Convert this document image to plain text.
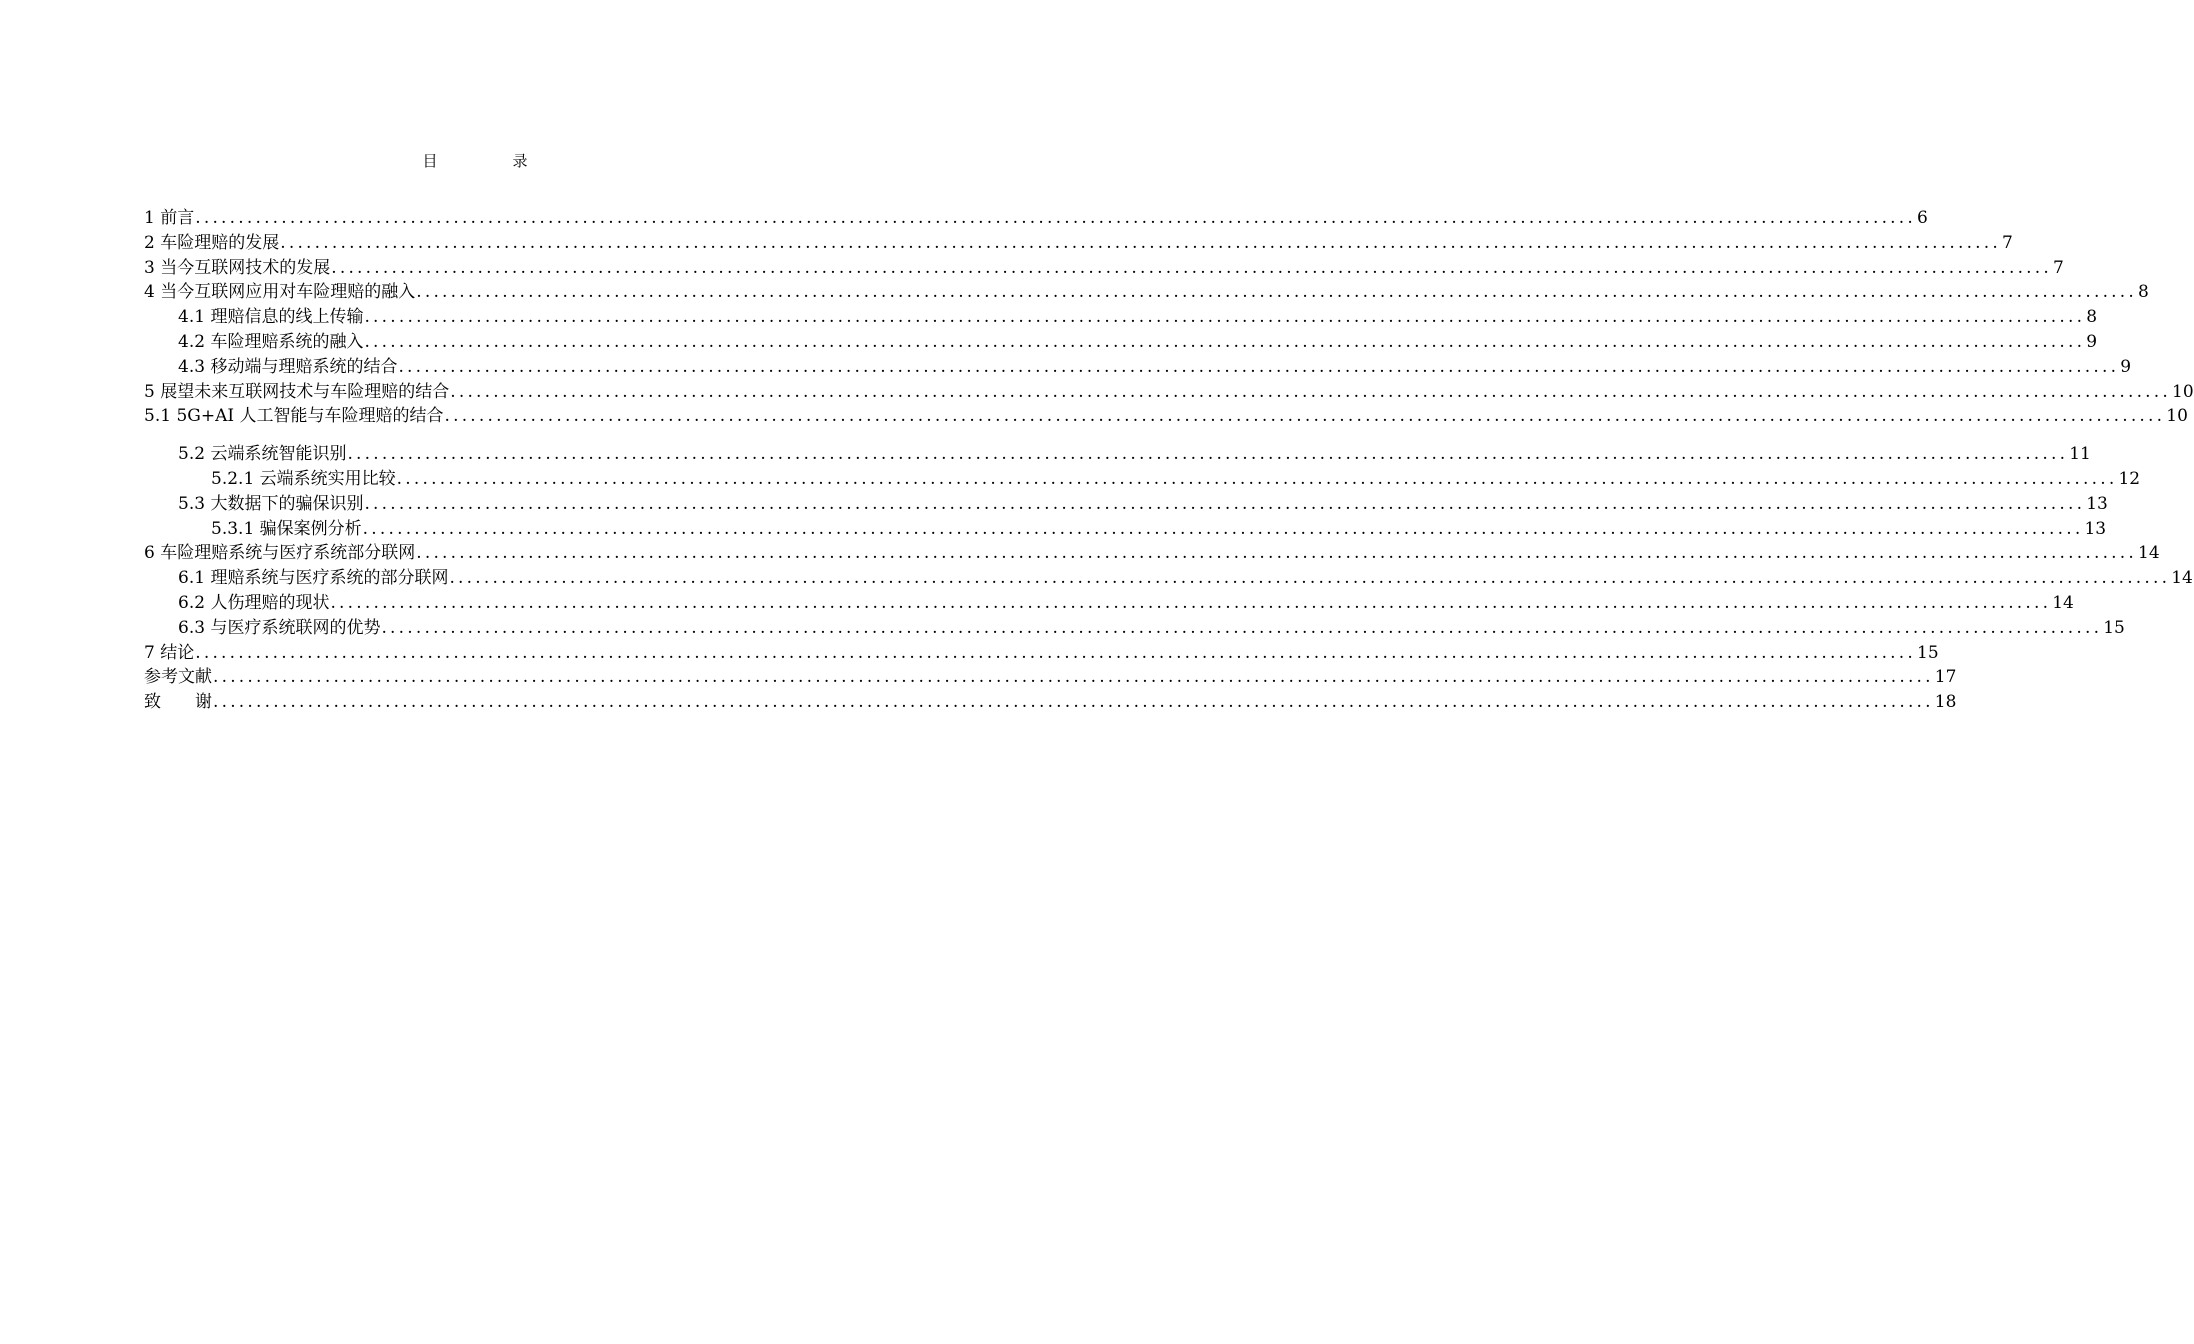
目　录
1 前言 ........................................................................................................................................................................................................ 6
2 车险理赔的发展 ........................................................................................................................................................................................................ 7
3 当今互联网技术的发展 ........................................................................................................................................................................................................ 7
4 当今互联网应用对车险理赔的融入 ........................................................................................................................................................................................................ 8
4.1 理赔信息的线上传输 ........................................................................................................................................................................................................ 8
4.2 车险理赔系统的融入 ........................................................................................................................................................................................................ 9
4.3 移动端与理赔系统的结合 ........................................................................................................................................................................................................ 9
5 展望未来互联网技术与车险理赔的结合 ........................................................................................................................................................................................................ 10
5.1 5G+AI 人工智能与车险理赔的结合 ........................................................................................................................................................................................................ 10
5.2 云端系统智能识别 ........................................................................................................................................................................................................ 11
5.2.1 云端系统实用比较 ........................................................................................................................................................................................................ 12
5.3 大数据下的骗保识别 ........................................................................................................................................................................................................ 13
5.3.1 骗保案例分析 ........................................................................................................................................................................................................ 13
6 车险理赔系统与医疗系统部分联网 ........................................................................................................................................................................................................ 14
6.1 理赔系统与医疗系统的部分联网 ........................................................................................................................................................................................................ 14
6.2 人伤理赔的现状 ........................................................................................................................................................................................................ 14
6.3 与医疗系统联网的优势 ........................................................................................................................................................................................................ 15
7 结论 ........................................................................................................................................................................................................ 15
参考文献 ........................................................................................................................................................................................................ 17
致　　谢 ........................................................................................................................................................................................................ 18
